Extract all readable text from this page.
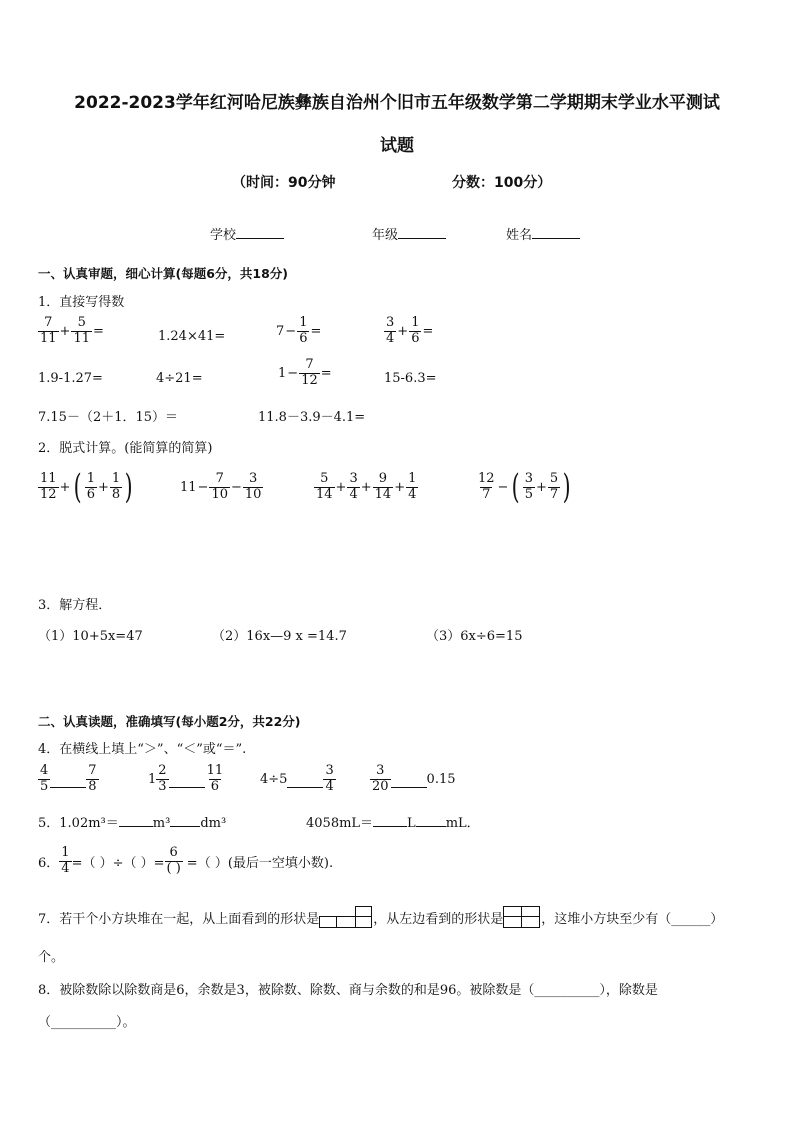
2022-2023学年红河哈尼族彝族自治州个旧市五年级数学第二学期期末学业水平测试
试题
（时间：90分钟	分数：100分）
学校	年级	姓名
一、认真审题，细心计算(每题6分，共18分)
1．直接写得数
$\frac{7}{11} + \frac{5}{11}$ =	1.24×41=	$7 - \frac{1}{6}$ =	$\frac{3}{4} + \frac{1}{6}$ =
1.9-1.27=	4÷21=	$1 - \frac{7}{12}$ =	15-6.3=
7.15－（2＋1．15）＝	11.8－3.9－4.1=
2．脱式计算。(能简算的简算)
$\frac{11}{12}$ + ( $\frac{1}{6} + \frac{1}{8}$ )	$11 - \frac{7}{10} - \frac{3}{10}$	$\frac{5}{14} + \frac{3}{4} + \frac{9}{14} + \frac{1}{4}$	$\frac{12}{7}$ − ( $\frac{3}{5} + \frac{5}{7}$ )
3．解方程．
（1）10+5x=47	（2）16x—9 x =14.7	（3）6x÷6=15
二、认真读题，准确填写(每小题2分，共22分)
4．在横线上填上“＞”、“＜”或“＝”.
$\frac{4}{5}$	$\frac{7}{8}$	$1 \frac{2}{3}$	$\frac{11}{6}$	4÷5	$\frac{3}{4}$	$\frac{3}{20}$	0.15
5．1.02m³＝	m³ dm³	4058mL＝	L mL．
6． $\frac{1}{4}$ =（ ）÷（ ）= $\frac{6}{( )}$ =（ ）(最后一空填小数).
7．若干个小方块堆在一起，从上面看到的形状是	，从左边看到的形状是	，这堆小方块至少有（______）
个。
8．被除数除以除数商是6，余数是3，被除数、除数、商与余数的和是96。被除数是（__________），除数是
（__________）。
